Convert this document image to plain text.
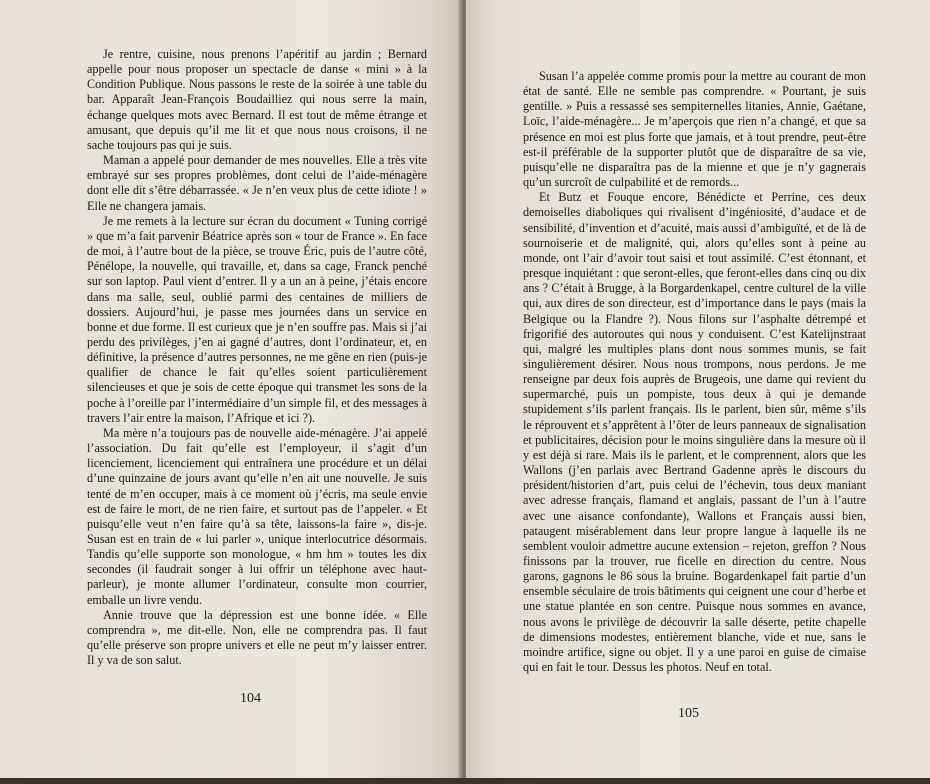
Je rentre, cuisine, nous prenons l’apéritif au jardin ; Bernard appelle pour nous proposer un spectacle de danse « mini » à la Condition Publique. Nous passons le reste de la soirée à une table du bar. Apparaît Jean-François Boudailliez qui nous serre la main, échange quelques mots avec Bernard. Il est tout de même étrange et amusant, que depuis qu’il me lit et que nous nous croisons, il ne sache toujours pas qui je suis.

Maman a appelé pour demander de mes nouvelles. Elle a très vite embrayé sur ses propres problèmes, dont celui de l’aide-ménagère dont elle dit s’être débarrassée. « Je n’en veux plus de cette idiote ! » Elle ne changera jamais.

Je me remets à la lecture sur écran du document « Tuning corrigé » que m’a fait parvenir Béatrice après son « tour de France ». En face de moi, à l’autre bout de la pièce, se trouve Éric, puis de l’autre côté, Pénélope, la nouvelle, qui travaille, et, dans sa cage, Franck penché sur son laptop. Paul vient d’entrer. Il y a un an à peine, j’étais encore dans ma salle, seul, oublié parmi des centaines de milliers de dossiers. Aujourd’hui, je passe mes journées dans un service en bonne et due forme. Il est curieux que je n’en souffre pas. Mais si j’ai perdu des privilèges, j’en ai gagné d’autres, dont l’ordinateur, et, en définitive, la présence d’autres personnes, ne me gêne en rien (puis-je qualifier de chance le fait qu’elles soient particulièrement silencieuses et que je sois de cette époque qui transmet les sons de la poche à l’oreille par l’intermédiaire d’un simple fil, et des messages à travers l’air entre la maison, l’Afrique et ici ?).

Ma mère n’a toujours pas de nouvelle aide-ménagère. J’ai appelé l’association. Du fait qu’elle est l’employeur, il s’agit d’un licenciement, licenciement qui entraînera une procédure et un délai d’une quinzaine de jours avant qu’elle n’en ait une nouvelle. Je suis tenté de m’en occuper, mais à ce moment où j’écris, ma seule envie est de faire le mort, de ne rien faire, et surtout pas de l’appeler. « Et puisqu’elle veut n’en faire qu’à sa tête, laissons-la faire », dis-je. Susan est en train de « lui parler », unique interlocutrice désormais. Tandis qu’elle supporte son monologue, « hm hm » toutes les dix secondes (il faudrait songer à lui offrir un téléphone avec haut-parleur), je monte allumer l’ordinateur, consulte mon courrier, emballe un livre vendu.

Annie trouve que la dépression est une bonne idée. « Elle comprendra », me dit-elle. Non, elle ne comprendra pas. Il faut qu’elle préserve son propre univers et elle ne peut m’y laisser entrer. Il y va de son salut.

104

Susan l’a appelée comme promis pour la mettre au courant de mon état de santé. Elle ne semble pas comprendre. « Pourtant, je suis gentille. » Puis a ressassé ses sempiternelles litanies, Annie, Gaétane, Loïc, l’aide-ménagère... Je m’aperçois que rien n’a changé, et que sa présence en moi est plus forte que jamais, et à tout prendre, peut-être est-il préférable de la supporter plutôt que de disparaître de sa vie, puisqu’elle ne disparaîtra pas de la mienne et que je n’y gagnerais qu’un surcroît de culpabilité et de remords...

Et Butz et Fouque encore, Bénédicte et Perrine, ces deux demoiselles diaboliques qui rivalisent d’ingéniosité, d’audace et de sensibilité, d’invention et d’acuité, mais aussi d’ambiguïté, et de là de sournoiserie et de malignité, qui, alors qu’elles sont à peine au monde, ont l’air d’avoir tout saisi et tout assimilé. C’est étonnant, et presque inquiétant : que seront-elles, que feront-elles dans cinq ou dix ans ? C’était à Brugge, à la Borgardenkapel, centre culturel de la ville qui, aux dires de son directeur, est d’importance dans le pays (mais la Belgique ou la Flandre ?). Nous filons sur l’asphalte détrempé et frigorifié des autoroutes qui nous y conduisent. C’est Katelijnstraat qui, malgré les multiples plans dont nous sommes munis, se fait singulièrement désirer. Nous nous trompons, nous perdons. Je me renseigne par deux fois auprès de Brugeois, une dame qui revient du supermarché, puis un pompiste, tous deux à qui je demande stupidement s’ils parlent français. Ils le parlent, bien sûr, même s’ils le réprouvent et s’apprêtent à l’ôter de leurs panneaux de signalisation et publicitaires, décision pour le moins singulière dans la mesure où il y est déjà si rare. Mais ils le parlent, et le comprennent, alors que les Wallons (j’en parlais avec Bertrand Gadenne après le discours du président/historien d’art, puis celui de l’échevin, tous deux maniant avec adresse français, flamand et anglais, passant de l’un à l’autre avec une aisance confondante), Wallons et Français aussi bien, pataugent misérablement dans leur propre langue à laquelle ils ne semblent vouloir admettre aucune extension – rejeton, greffon ? Nous finissons par la trouver, rue ficelle en direction du centre. Nous garons, gagnons le 86 sous la bruine. Bogardenkapel fait partie d’un ensemble séculaire de trois bâtiments qui ceignent une cour d’herbe et une statue plantée en son centre. Puisque nous sommes en avance, nous avons le privilège de découvrir la salle déserte, petite chapelle de dimensions modestes, entièrement blanche, vide et nue, sans le moindre artifice, signe ou objet. Il y a une paroi en guise de cimaise qui en fait le tour. Dessus les photos. Neuf en total.

105
